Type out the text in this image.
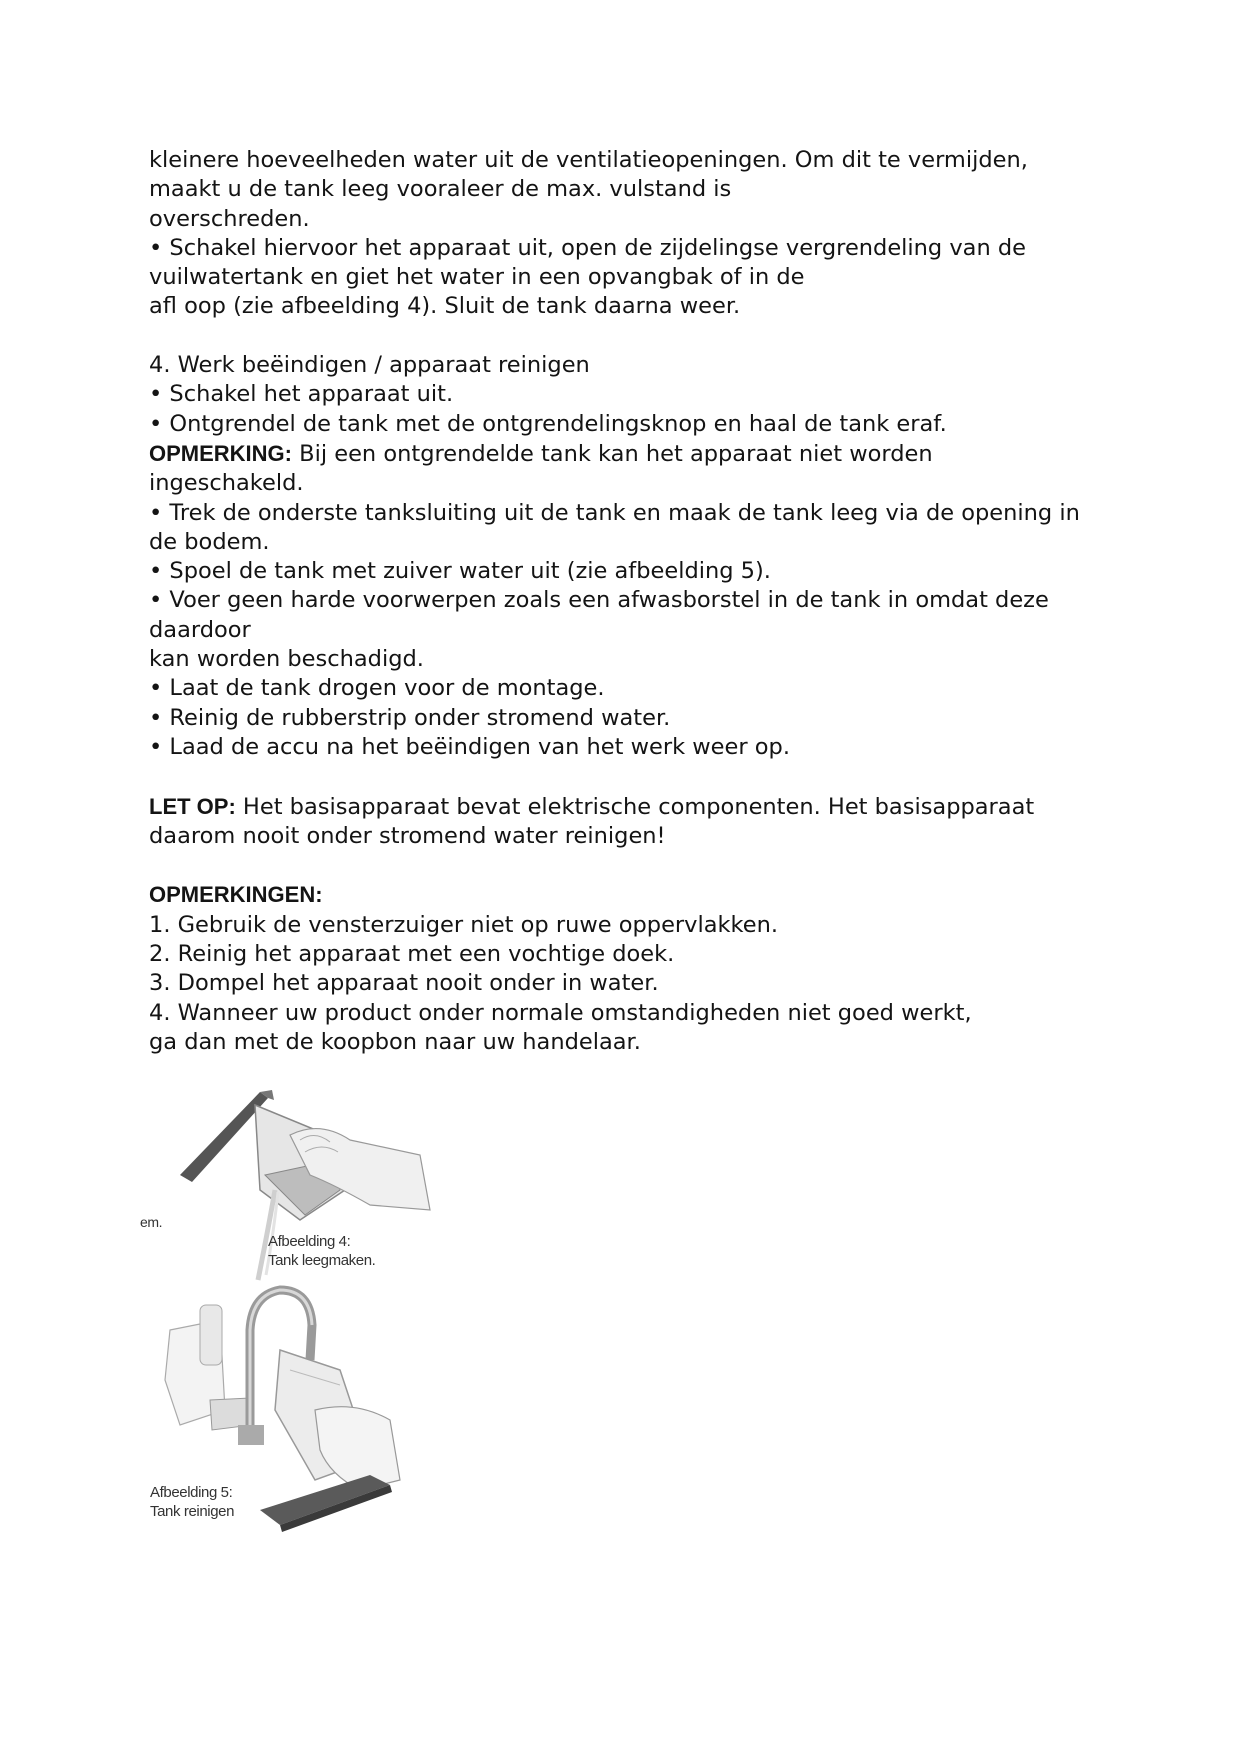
kleinere hoeveelheden water uit de ventilatieopeningen. Om dit te vermijden,

maakt u de tank leeg vooraleer de max. vulstand is

overschreden.

• Schakel hiervoor het apparaat uit, open de zijdelingse vergrendeling van de

vuilwatertank en giet het water in een opvangbak of in de

afl oop (zie afbeelding 4). Sluit de tank daarna weer.

4. Werk beëindigen / apparaat reinigen

• Schakel het apparaat uit.

• Ontgrendel de tank met de ontgrendelingsknop en haal de tank eraf.

OPMERKING: Bij een ontgrendelde tank kan het apparaat niet worden

ingeschakeld.

• Trek de onderste tanksluiting uit de tank en maak de tank leeg via de opening in

de bodem.

• Spoel de tank met zuiver water uit (zie afbeelding 5).

• Voer geen harde voorwerpen zoals een afwasborstel in de tank in omdat deze

daardoor

kan worden beschadigd.

• Laat de tank drogen voor de montage.

• Reinig de rubberstrip onder stromend water.

• Laad de accu na het beëindigen van het werk weer op.

LET OP: Het basisapparaat bevat elektrische componenten. Het basisapparaat

daarom nooit onder stromend water reinigen!

OPMERKINGEN:

1. Gebruik de vensterzuiger niet op ruwe oppervlakken.

2. Reinig het apparaat met een vochtige doek.

3. Dompel het apparaat nooit onder in water.

4. Wanneer uw product onder normale omstandigheden niet goed werkt,

ga dan met de koopbon naar uw handelaar.

em.
Afbeelding 4:
Tank leegmaken.
Afbeelding 5:
Tank reinigen
